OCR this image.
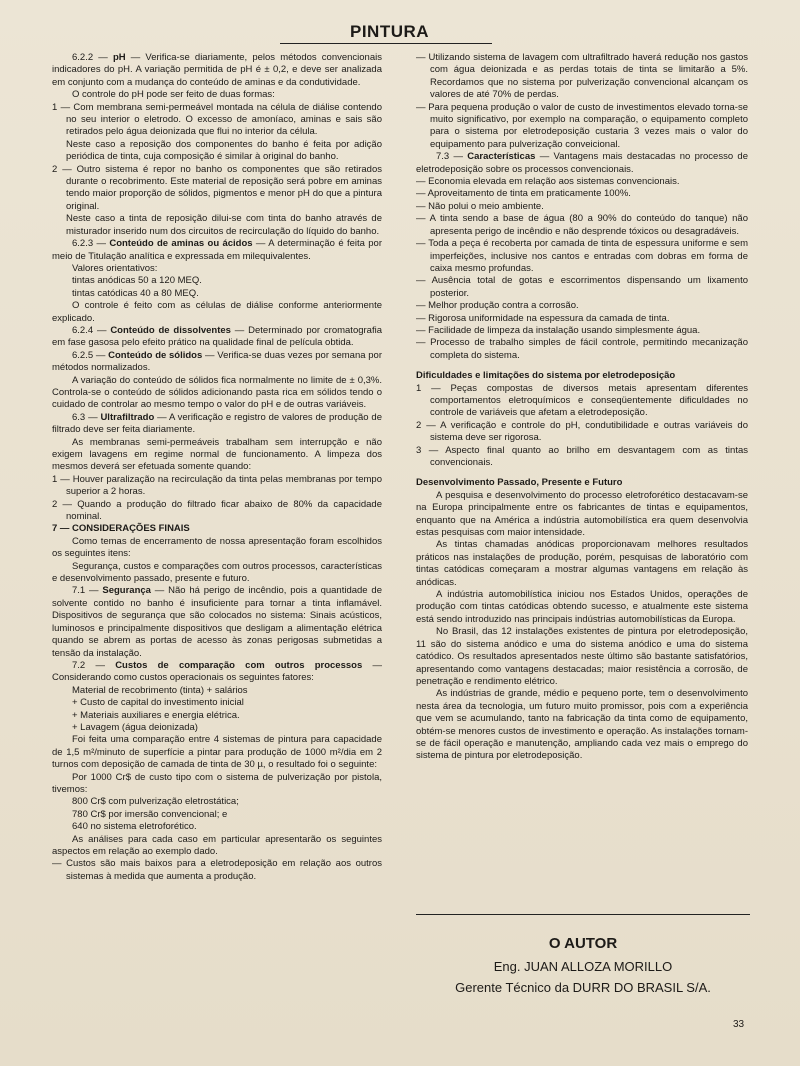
PINTURA

6.2.2 — pH — Verifica-se diariamente, pelos métodos convencionais indicadores do pH. A variação permitida de pH é ± 0,2, e deve ser analizada em conjunto com a mudança do conteúdo de aminas e da condutividade.

O controle do pH pode ser feito de duas formas:

1 — Com membrana semi-permeável montada na célula de diálise contendo no seu interior o eletrodo. O excesso de amoníaco, aminas e sais são retirados pelo água deionizada que flui no interior da célula.

Neste caso a reposição dos componentes do banho é feita por adição periódica de tinta, cuja composição é similar à original do banho.

2 — Outro sistema é repor no banho os componentes que são retirados durante o recobrimento. Este material de reposição será pobre em aminas tendo maior proporção de sólidos, pigmentos e menor pH do que a pintura original.

Neste caso a tinta de reposição dilui-se com tinta do banho através de misturador inserido num dos circuitos de recirculação do líquido do banho.

6.2.3 — Conteúdo de aminas ou ácidos — A determinação é feita por meio de Titulação analítica e expressada em milequivalentes.

Valores orientativos:

tintas anódicas 50 a 120 MEQ.

tintas catódicas 40 a 80 MEQ.

O controle é feito com as células de diálise conforme anteriormente explicado.

6.2.4 — Conteúdo de dissolventes — Determinado por cromatografia em fase gasosa pelo efeito prático na qualidade final de película obtida.

6.2.5 — Conteúdo de sólidos — Verifica-se duas vezes por semana por métodos normalizados.

A variação do conteúdo de sólidos fica normalmente no limite de ± 0,3%. Controla-se o conteúdo de sólidos adicionando pasta rica em sólidos tendo o cuidado de controlar ao mesmo tempo o valor do pH e de outras variáveis.

6.3 — Ultrafiltrado — A verificação e registro de valores de produção de filtrado deve ser feita diariamente.

As membranas semi-permeáveis trabalham sem interrupção e não exigem lavagens em regime normal de funcionamento. A limpeza dos mesmos deverá ser efetuada somente quando:

1 — Houver paralização na recirculação da tinta pelas membranas por tempo superior a 2 horas.

2 — Quando a produção do filtrado ficar abaixo de 80% da capacidade nominal.

7 — CONSIDERAÇÕES FINAIS

Como temas de encerramento de nossa apresentação foram escolhidos os seguintes itens:

Segurança, custos e comparações com outros processos, características e desenvolvimento passado, presente e futuro.

7.1 — Segurança — Não há perigo de incêndio, pois a quantidade de solvente contido no banho é insuficiente para tornar a tinta inflamável. Dispositivos de segurança que são colocados no sistema: Sinais acústicos, luminosos e principalmente dispositivos que desligam a alimentação elétrica quando se abrem as portas de acesso às zonas perigosas submetidas a tensão da instalação.

7.2 — Custos de comparação com outros processos — Considerando como custos operacionais os seguintes fatores:

Material de recobrimento (tinta) + salários

+ Custo de capital do investimento inicial

+ Materiais auxiliares e energia elétrica.

+ Lavagem (água deionizada)

Foi feita uma comparação entre 4 sistemas de pintura para capacidade de 1,5 m²/minuto de superfície a pintar para produção de 1000 m²/dia em 2 turnos com deposição de camada de tinta de 30 µ, o resultado foi o seguinte:

Por 1000 Cr$ de custo tipo com o sistema de pulverização por pistola, tivemos:

800 Cr$ com pulverização eletrostática;

780 Cr$ por imersão convencional; e

640 no sistema eletroforético.

As análises para cada caso em particular apresentarão os seguintes aspectos em relação ao exemplo dado.

— Custos são mais baixos para a eletrodeposição em relação aos outros sistemas à medida que aumenta a produção.

— Utilizando sistema de lavagem com ultrafiltrado haverá redução nos gastos com água deionizada e as perdas totais de tinta se limitarão a 5%. Recordamos que no sistema por pulverização convencional alcançam os valores de até 70% de perdas.

— Para pequena produção o valor de custo de investimentos elevado torna-se muito significativo, por exemplo na comparação, o equipamento completo para o sistema por eletrodeposição custaria 3 vezes mais o valor do equipamento para pulverização conveicional.

7.3 — Características — Vantagens mais destacadas no processo de eletrodeposição sobre os processos convencionais.

— Economia elevada em relação aos sistemas convencionais.

— Aproveitamento de tinta em praticamente 100%.

— Não polui o meio ambiente.

— A tinta sendo a base de água (80 a 90% do conteúdo do tanque) não apresenta perigo de incêndio e não desprende tóxicos ou desagradáveis.

— Toda a peça é recoberta por camada de tinta de espessura uniforme e sem imperfeições, inclusive nos cantos e entradas com dobras em forma de caixa mesmo profundas.

— Ausência total de gotas e escorrimentos dispensando um lixamento posterior.

— Melhor produção contra a corrosão.

— Rigorosa uniformidade na espessura da camada de tinta.

— Facilidade de limpeza da instalação usando simplesmente água.

— Processo de trabalho simples de fácil controle, permitindo mecanização completa do sistema.

Dificuldades e limitações do sistema por eletrodeposição

1 — Peças compostas de diversos metais apresentam diferentes comportamentos eletroquímicos e conseqüentemente dificuldades no controle de variáveis que afetam a eletrodeposição.

2 — A verificação e controle do pH, condutibilidade e outras variáveis do sistema deve ser rigorosa.

3 — Aspecto final quanto ao brilho em desvantagem com as tintas convencionais.

Desenvolvimento Passado, Presente e Futuro

A pesquisa e desenvolvimento do processo eletroforético destacavam-se na Europa principalmente entre os fabricantes de tintas e equipamentos, enquanto que na América a indústria automobilística era quem desenvolvia estas pesquisas com maior intensidade.

As tintas chamadas anódicas proporcionavam melhores resultados práticos nas instalações de produção, porém, pesquisas de laboratório com tintas catódicas começaram a mostrar algumas vantagens em relação às anódicas.

A indústria automobilística iniciou nos Estados Unidos, operações de produção com tintas catódicas obtendo sucesso, e atualmente este sistema está sendo introduzido nas principais indústrias automobilísticas da Europa.

No Brasil, das 12 instalações existentes de pintura por eletrodeposição, 11 são do sistema anódico e uma do sistema anódico e uma do sistema catódico. Os resultados apresentados neste último são bastante satisfatórios, apresentando como vantagens destacadas; maior resistência a corrosão, de penetração e rendimento elétrico.

As indústrias de grande, médio e pequeno porte, tem o desenvolvimento nesta área da tecnologia, um futuro muito promissor, pois com a experiência que vem se acumulando, tanto na fabricação da tinta como de equipamento, obtém-se menores custos de investimento e operação. As instalações tornam-se de fácil operação e manutenção, ampliando cada vez mais o emprego do sistema de pintura por eletrodeposição.

O AUTOR
Eng. JUAN ALLOZA MORILLO
Gerente Técnico da DURR DO BRASIL S/A.
33
